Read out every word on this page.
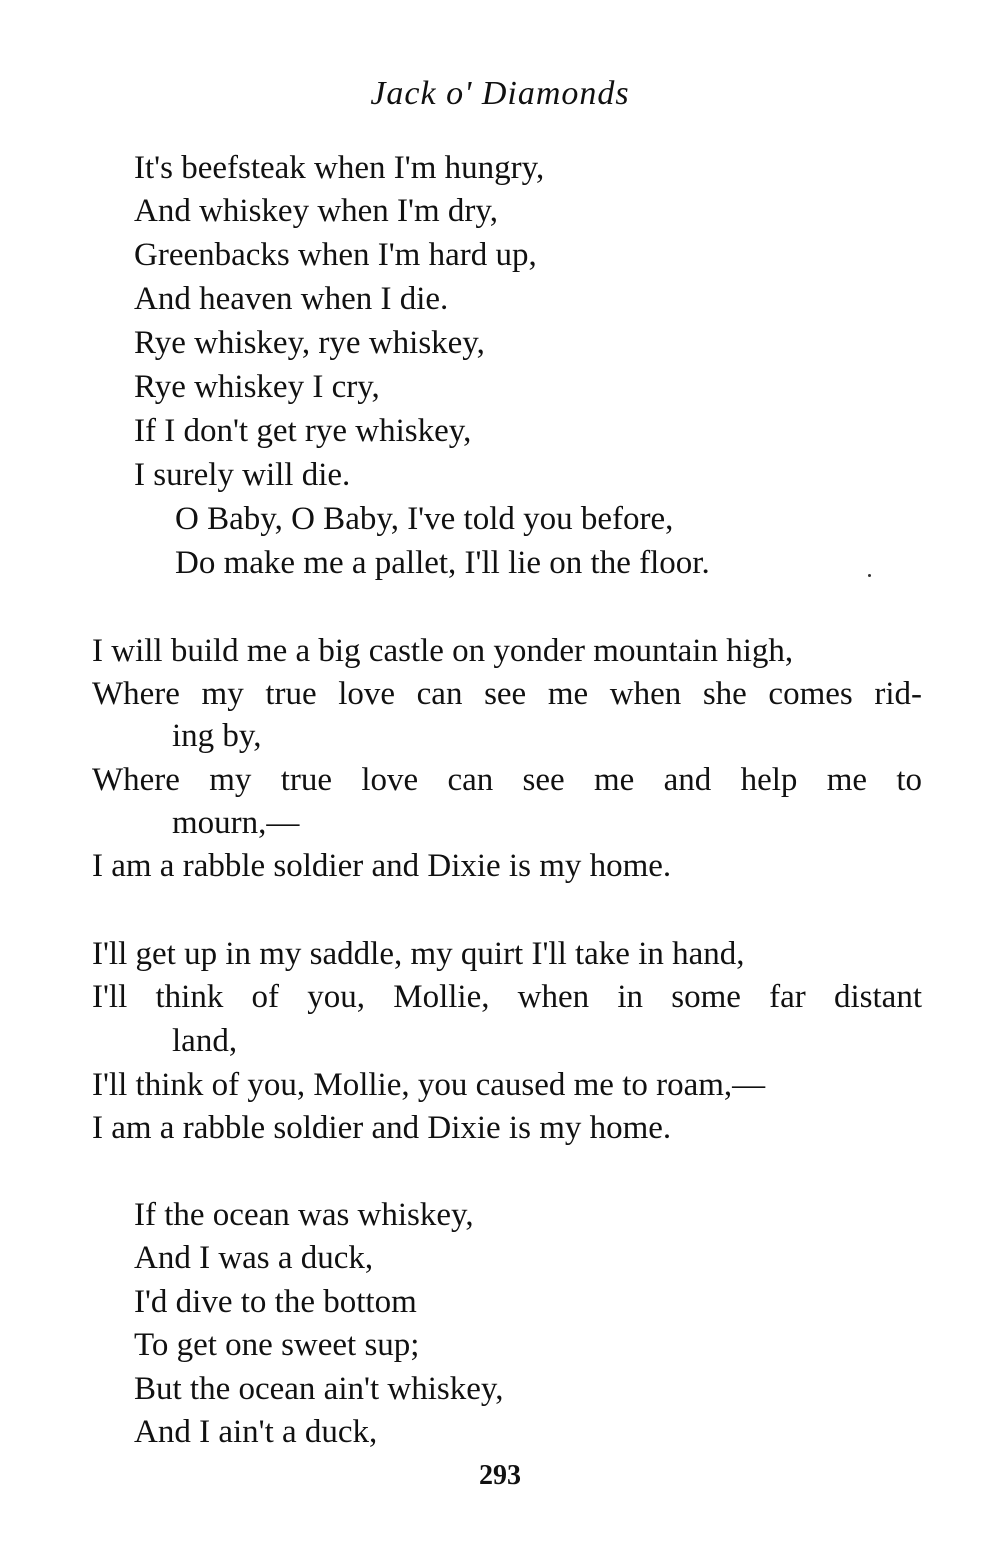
Jack o' Diamonds
It's beefsteak when I'm hungry,
And whiskey when I'm dry,
Greenbacks when I'm hard up,
And heaven when I die.
Rye whiskey, rye whiskey,
Rye whiskey I cry,
If I don't get rye whiskey,
I surely will die.
O Baby, O Baby, I've told you before,
Do make me a pallet, I'll lie on the floor.
I will build me a big castle on yonder mountain high,
Where my true love can see me when she comes rid-
ing by,
Where my true love can see me and help me to
mourn,—
I am a rabble soldier and Dixie is my home.
I'll get up in my saddle, my quirt I'll take in hand,
I'll think of you, Mollie, when in some far distant
land,
I'll think of you, Mollie, you caused me to roam,—
I am a rabble soldier and Dixie is my home.
If the ocean was whiskey,
And I was a duck,
I'd dive to the bottom
To get one sweet sup;
But the ocean ain't whiskey,
And I ain't a duck,
293
